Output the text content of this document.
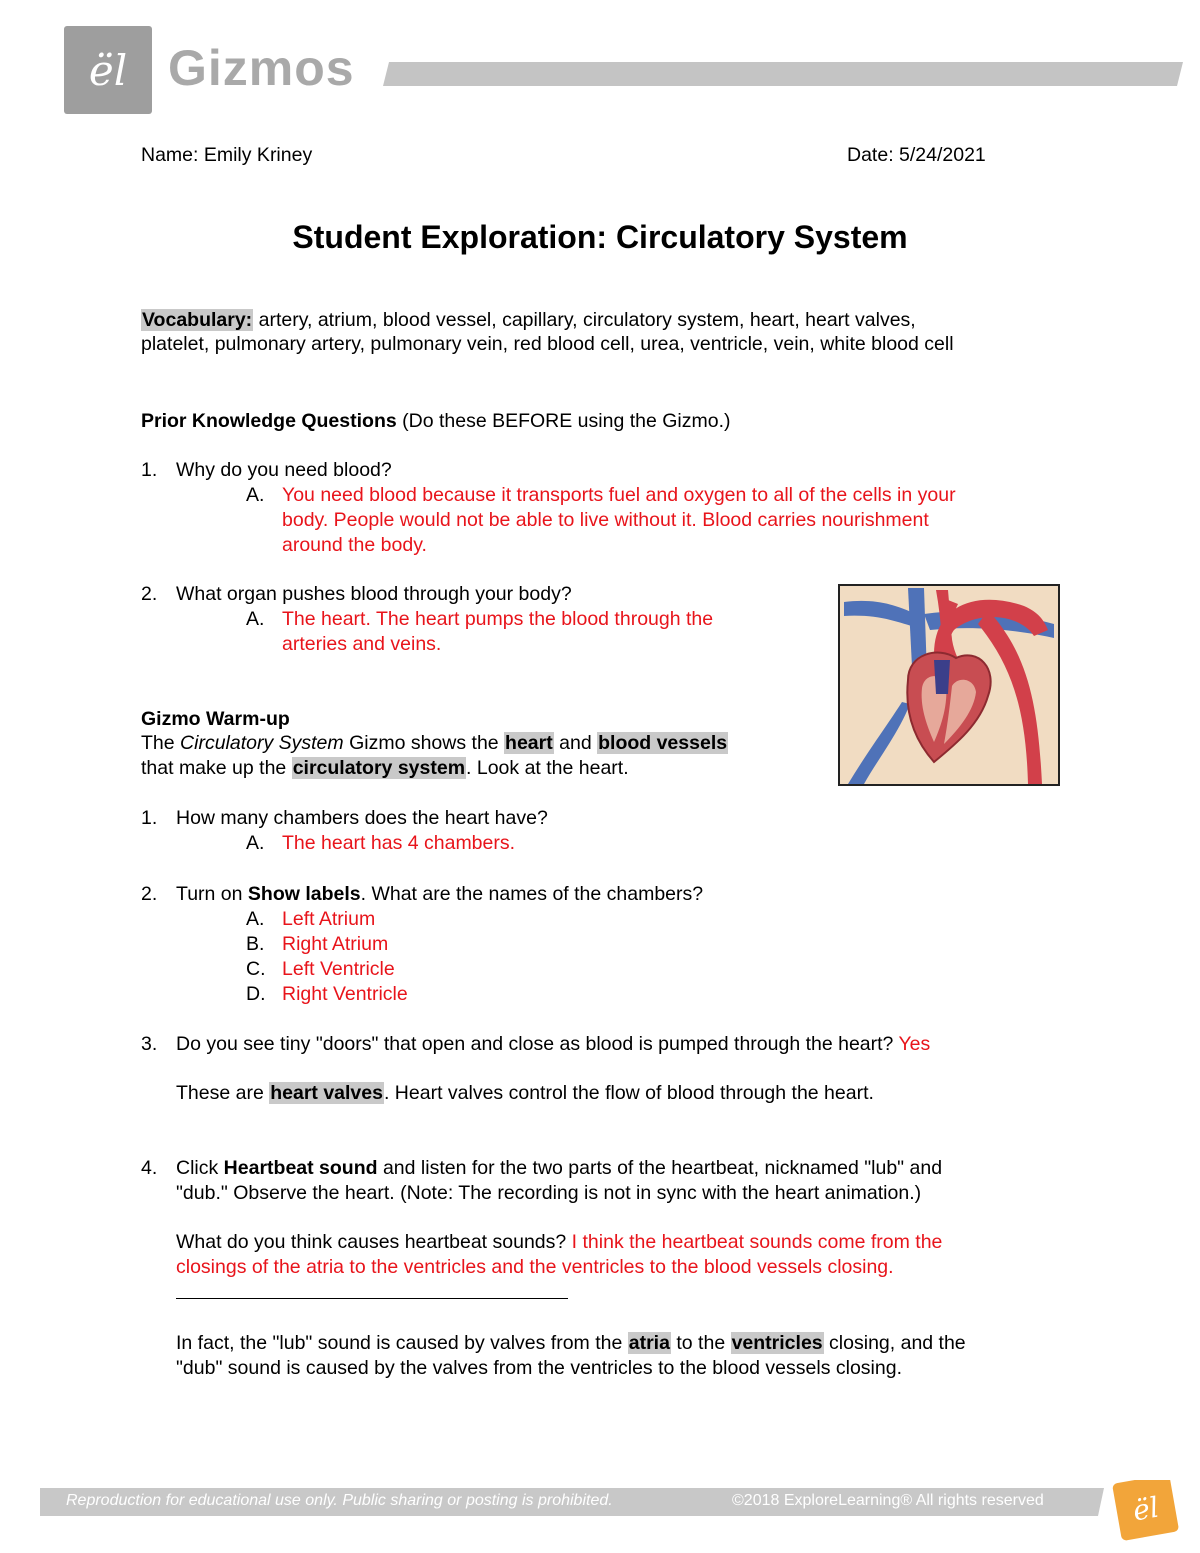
ël Gizmos
Name: Emily Kriney	Date: 5/24/2021
Student Exploration: Circulatory System
Vocabulary: artery, atrium, blood vessel, capillary, circulatory system, heart, heart valves,
platelet, pulmonary artery, pulmonary vein, red blood cell, urea, ventricle, vein, white blood cell
Prior Knowledge Questions (Do these BEFORE using the Gizmo.)
1. Why do you need blood?
A. You need blood because it transports fuel and oxygen to all of the cells in your
body. People would not be able to live without it. Blood carries nourishment
around the body.
2. What organ pushes blood through your body?
A. The heart. The heart pumps the blood through the
arteries and veins.
Gizmo Warm-up
The Circulatory System Gizmo shows the heart and blood vessels
that make up the circulatory system. Look at the heart.
1. How many chambers does the heart have?
A. The heart has 4 chambers.
2. Turn on Show labels. What are the names of the chambers?
A. Left Atrium
B. Right Atrium
C. Left Ventricle
D. Right Ventricle
3. Do you see tiny "doors" that open and close as blood is pumped through the heart? Yes
These are heart valves. Heart valves control the flow of blood through the heart.
4. Click Heartbeat sound and listen for the two parts of the heartbeat, nicknamed "lub" and
"dub." Observe the heart. (Note: The recording is not in sync with the heart animation.)
What do you think causes heartbeat sounds? I think the heartbeat sounds come from the
closings of the atria to the ventricles and the ventricles to the blood vessels closing.
In fact, the "lub" sound is caused by valves from the atria to the ventricles closing, and the
"dub" sound is caused by the valves from the ventricles to the blood vessels closing.
ël
Reproduction for educational use only. Public sharing or posting is prohibited.	©2018 ExploreLearning® All rights reserved
